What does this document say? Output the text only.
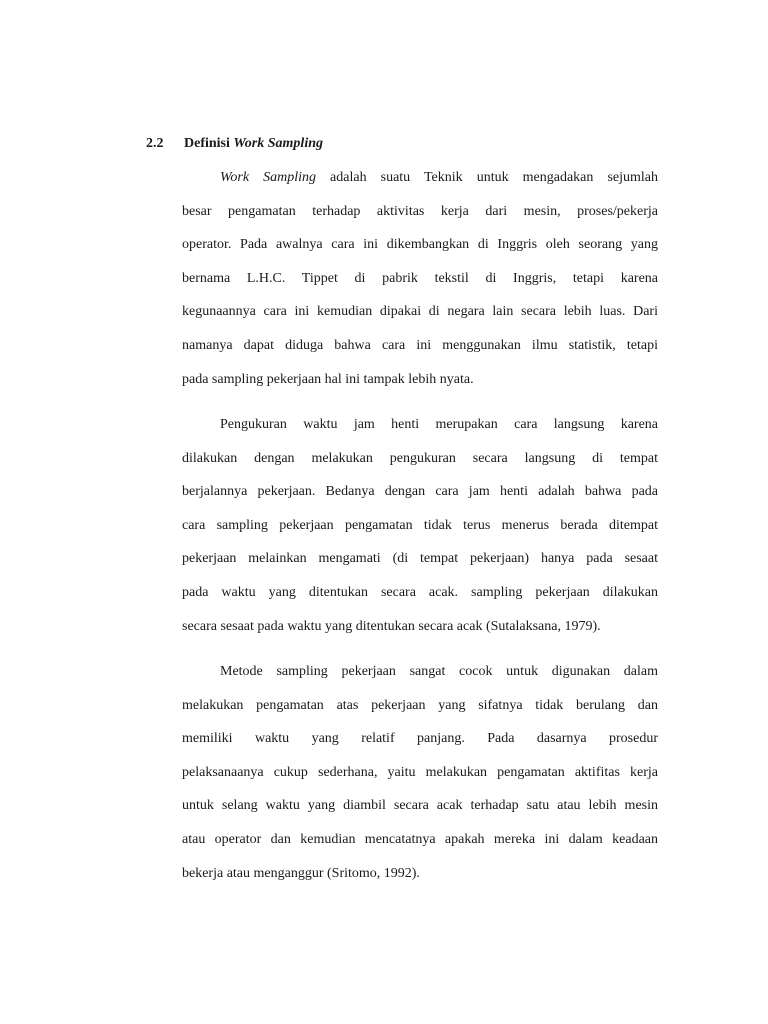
2.2 Definisi Work Sampling
Work Sampling adalah suatu Teknik untuk mengadakan sejumlah
besar pengamatan terhadap aktivitas kerja dari mesin, proses/pekerja
operator. Pada awalnya cara ini dikembangkan di Inggris oleh seorang yang
bernama L.H.C. Tippet di pabrik tekstil di Inggris, tetapi karena
kegunaannya cara ini kemudian dipakai di negara lain secara lebih luas. Dari
namanya dapat diduga bahwa cara ini menggunakan ilmu statistik, tetapi
pada sampling pekerjaan hal ini tampak lebih nyata.
Pengukuran waktu jam henti merupakan cara langsung karena
dilakukan dengan melakukan pengukuran secara langsung di tempat
berjalannya pekerjaan. Bedanya dengan cara jam henti adalah bahwa pada
cara sampling pekerjaan pengamatan tidak terus menerus berada ditempat
pekerjaan melainkan mengamati (di tempat pekerjaan) hanya pada sesaat
pada waktu yang ditentukan secara acak. sampling pekerjaan dilakukan
secara sesaat pada waktu yang ditentukan secara acak (Sutalaksana, 1979).
Metode sampling pekerjaan sangat cocok untuk digunakan dalam
melakukan pengamatan atas pekerjaan yang sifatnya tidak berulang dan
memiliki waktu yang relatif panjang. Pada dasarnya prosedur
pelaksanaanya cukup sederhana, yaitu melakukan pengamatan aktifitas kerja
untuk selang waktu yang diambil secara acak terhadap satu atau lebih mesin
atau operator dan kemudian mencatatnya apakah mereka ini dalam keadaan
bekerja atau menganggur (Sritomo, 1992).
